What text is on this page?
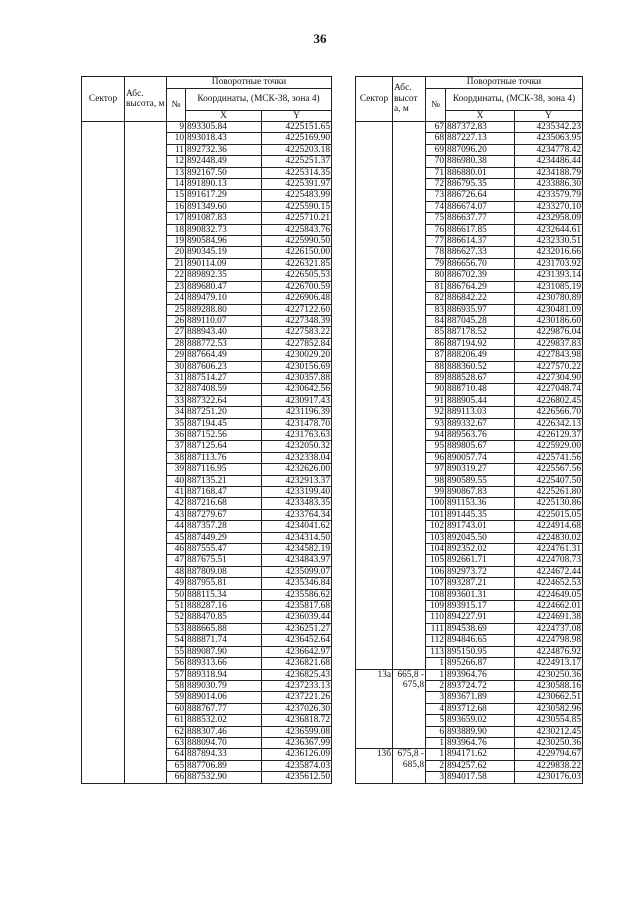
36
Сектор	Абс. высота, м	Поворотные точки		
		№	Координаты, (МСК-38, зона 4)	
			X	Y
		9	893305.84	4225151.65
		10	893018.43	4225169.90
		11	892732.36	4225203.18
		12	892448.49	4225251.37
		13	892167.50	4225314.35
		14	891890.13	4225391.97
		15	891617.29	4225483.99
		16	891349.60	4225590.15
		17	891087.83	4225710.21
		18	890832.73	4225843.76
		19	890584.96	4225990.50
		20	890345.19	4226150.00
		21	890114.09	4226321.85
		22	889892.35	4226505.53
		23	889680.47	4226700.59
		24	889479.10	4226906.48
		25	889288.80	4227122.60
		26	889110.07	4227348.39
		27	888943.40	4227583.22
		28	888772.53	4227852.84
		29	887664.49	4230029.20
		30	887606.23	4230156.69
		31	887514.27	4230357.88
		32	887408.59	4230642.56
		33	887322.64	4230917.43
		34	887251.20	4231196.39
		35	887194.45	4231478.70
		36	887152.56	4231763.63
		37	887125.64	4232050.32
		38	887113.76	4232338.04
		39	887116.95	4232626.00
		40	887135.21	4232913.37
		41	887168.47	4233199.40
		42	887216.68	4233483.35
		43	887279.67	4233764.34
		44	887357.28	4234041.62
		45	887449.29	4234314.50
		46	887555.47	4234582.19
		47	887675.51	4234843.97
		48	887809.08	4235099.07
		49	887955.81	4235346.84
		50	888115.34	4235586.62
		51	888287.16	4235817.68
		52	888470.85	4236039.44
		53	888665.88	4236251.27
		54	888871.74	4236452.64
		55	889087.90	4236642.97
		56	889313.66	4236821.68
		57	889318.94	4236825.43
		58	889030.79	4237233.13
		59	889014.06	4237221.26
		60	888767.77	4237026.30
		61	888532.02	4236818.72
		62	888307.46	4236599.08
		63	888094.70	4236367.99
		64	887894.33	4236126.09
		65	887706.89	4235874.03
		66	887532.90	4235612.50
Сектор	Абс. высот а, м	Поворотные точки		
		№	Координаты, (МСК-38, зона 4)	
			X	Y
		67	887372.83	4235342.23
		68	887227.13	4235063.95
		69	887096.20	4234778.42
		70	886980.38	4234486.44
		71	886880.01	4234188.79
		72	886795.35	4233886.30
		73	886726.64	4233579.79
		74	886674.07	4233270.10
		75	886637.77	4232958.09
		76	886617.85	4232644.61
		77	886614.37	4232330.51
		78	886627.33	4232016.66
		79	886656.70	4231703.92
		80	886702.39	4231393.14
		81	886764.29	4231085.19
		82	886842.22	4230780.89
		83	886935.97	4230481.09
		84	887045.28	4230186.60
		85	887178.52	4229876.04
		86	887194.92	4229837.83
		87	888206.49	4227843.98
		88	888360.52	4227570.22
		89	888528.67	4227304.90
		90	888710.48	4227048.74
		91	888905.44	4226802.45
		92	889113.03	4226566.70
		93	889332.67	4226342.13
		94	889563.76	4226129.37
		95	889805.67	4225929.00
		96	890057.74	4225741.56
		97	890319.27	4225567.56
		98	890589.55	4225407.50
		99	890867.83	4225261.80
		100	891153.36	4225130.86
		101	891445.35	4225015.05
		102	891743.01	4224914.68
		103	892045.50	4224830.02
		104	892352.02	4224761.31
		105	892661.71	4224708.73
		106	892973.72	4224672.44
		107	893287.21	4224652.53
		108	893601.31	4224649.05
		109	893915.17	4224662.01
		110	894227.91	4224691.38
		111	894538.69	4224737.08
		112	894846.65	4224798.98
		113	895150.95	4224876.92
		1	895266.87	4224913.17
13а	665,8 -
675,8	1	893964.76	4230250.36
		2	893724.72	4230588.16
		3	893671.89	4230662.51
		4	893712.68	4230582.96
		5	893659.02	4230554.85
		6	893889.90	4230212.45
		1	893964.76	4230250.36
13б	675,8 -
685,8	1	894171.62	4229794.67
		2	894257.62	4229838.22
		3	894017.58	4230176.03
